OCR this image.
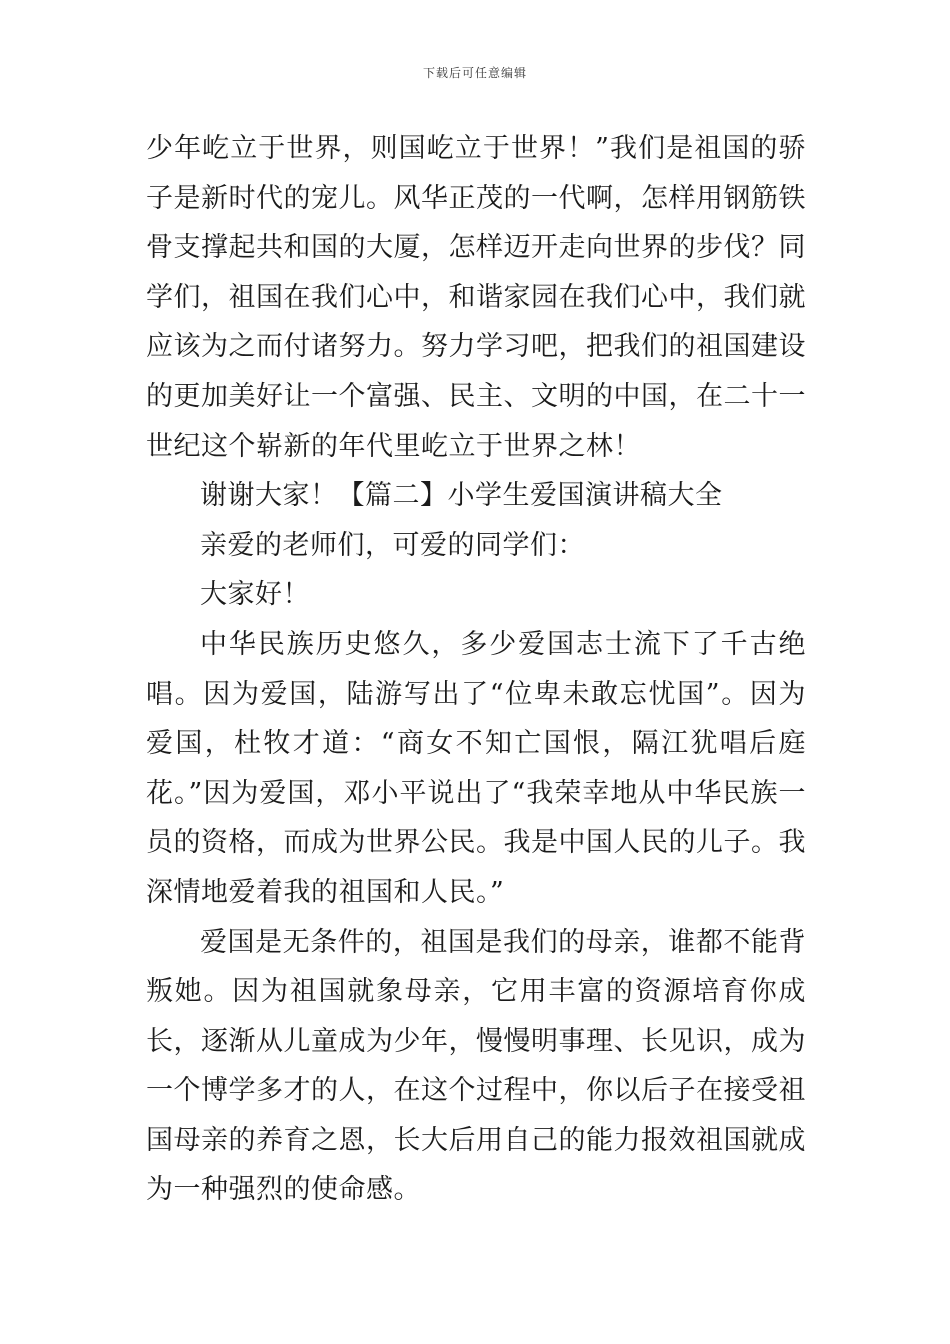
下载后可任意编辑

少年屹立于世界，则国屹立于世界！”我们是祖国的骄子是新时代的宠儿。风华正茂的一代啊，怎样用钢筋铁骨支撑起共和国的大厦，怎样迈开走向世界的步伐？同学们，祖国在我们心中，和谐家园在我们心中，我们就应该为之而付诸努力。努力学习吧，把我们的祖国建设的更加美好让一个富强、民主、文明的中国，在二十一世纪这个崭新的年代里屹立于世界之林！

谢谢大家！【篇二】小学生爱国演讲稿大全

亲爱的老师们，可爱的同学们：

大家好！

中华民族历史悠久，多少爱国志士流下了千古绝唱。因为爱国，陆游写出了“位卑未敢忘忧国”。因为爱国，杜牧才道：“商女不知亡国恨，隔江犹唱后庭花。”因为爱国，邓小平说出了“我荣幸地从中华民族一员的资格，而成为世界公民。我是中国人民的儿子。我深情地爱着我的祖国和人民。”

爱国是无条件的，祖国是我们的母亲，谁都不能背叛她。因为祖国就象母亲，它用丰富的资源培育你成长，逐渐从儿童成为少年，慢慢明事理、长见识，成为一个博学多才的人，在这个过程中，你以后子在接受祖国母亲的养育之恩，长大后用自己的能力报效祖国就成为一种强烈的使命感。
